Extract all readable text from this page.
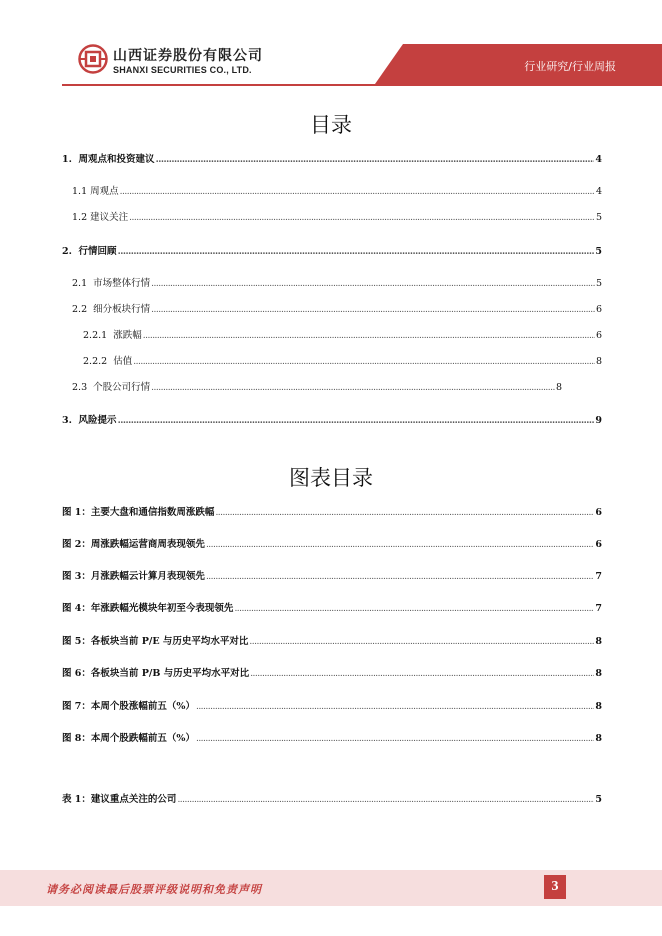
山西证券股份有限公司
SHANXI SECURITIES CO., LTD.	行业研究/行业周报
目录
1. 周观点和投资建议 .....	4
1.1 周观点 .....	4
1.2 建议关注 .....	5
2. 行情回顾 .....	5
2.1 市场整体行情 .....	5
2.2 细分板块行情 .....	6
2.2.1 涨跌幅 .....	6
2.2.2 估值 .....	8
2.3 个股公司行情 .....	8
3. 风险提示 .....	9
图表目录
图 1： 主要大盘和通信指数周涨跌幅 .....	6
图 2： 周涨跌幅运营商周表现领先 .....	6
图 3： 月涨跌幅云计算月表现领先 .....	7
图 4： 年涨跌幅光模块年初至今表现领先 .....	7
图 5： 各板块当前 P/E 与历史平均水平对比 .....	8
图 6： 各板块当前 P/B 与历史平均水平对比 .....	8
图 7： 本周个股涨幅前五（%） .....	8
图 8： 本周个股跌幅前五（%） .....	8
表 1： 建议重点关注的公司 .....	5
请务必阅读最后股票评级说明和免责声明	3
